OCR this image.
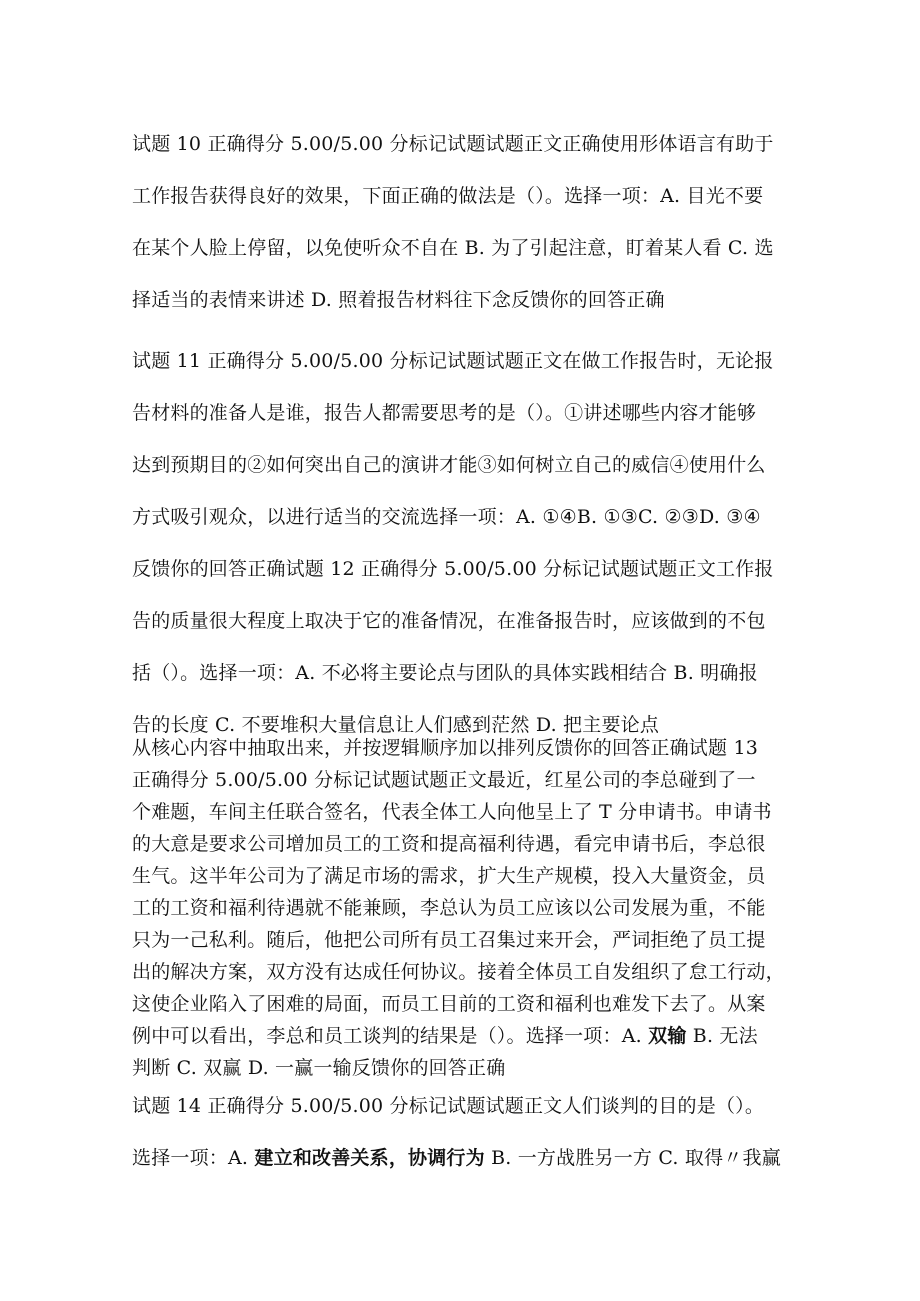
试题 10 正确得分 5.00/5.00 分标记试题试题正文正确使用形体语言有助于
工作报告获得良好的效果，下面正确的做法是（）。选择一项：A. 目光不要
在某个人脸上停留，以免使听众不自在 B. 为了引起注意，盯着某人看 C. 选
择适当的表情来讲述 D. 照着报告材料往下念反馈你的回答正确
试题 11 正确得分 5.00/5.00 分标记试题试题正文在做工作报告时，无论报
告材料的准备人是谁，报告人都需要思考的是（）。①讲述哪些内容才能够
达到预期目的②如何突出自己的演讲才能③如何树立自己的威信④使用什么
方式吸引观众，以进行适当的交流选择一项：A. ①④B. ①③C. ②③D. ③④
反馈你的回答正确试题 12 正确得分 5.00/5.00 分标记试题试题正文工作报
告的质量很大程度上取决于它的准备情况，在准备报告时，应该做到的不包
括（）。选择一项：A. 不必将主要论点与团队的具体实践相结合 B. 明确报
告的长度 C. 不要堆积大量信息让人们感到茫然 D. 把主要论点
从核心内容中抽取出来，并按逻辑顺序加以排列反馈你的回答正确试题 13
正确得分 5.00/5.00 分标记试题试题正文最近，红星公司的李总碰到了一
个难题，车间主任联合签名，代表全体工人向他呈上了 T 分申请书。申请书
的大意是要求公司增加员工的工资和提高福利待遇，看完申请书后，李总很
生气。这半年公司为了满足市场的需求，扩大生产规模，投入大量资金，员
工的工资和福利待遇就不能兼顾，李总认为员工应该以公司发展为重，不能
只为一己私利。随后，他把公司所有员工召集过来开会，严词拒绝了员工提
出的解决方案，双方没有达成任何协议。接着全体员工自发组织了怠工行动，
这使企业陷入了困难的局面，而员工目前的工资和福利也难发下去了。从案
例中可以看出，李总和员工谈判的结果是（）。选择一项：A. 双输 B. 无法
判断 C. 双赢 D. 一赢一输反馈你的回答正确
试题 14 正确得分 5.00/5.00 分标记试题试题正文人们谈判的目的是（）。
选择一项：A. 建立和改善关系，协调行为 B. 一方战胜另一方 C. 取得〃我赢
